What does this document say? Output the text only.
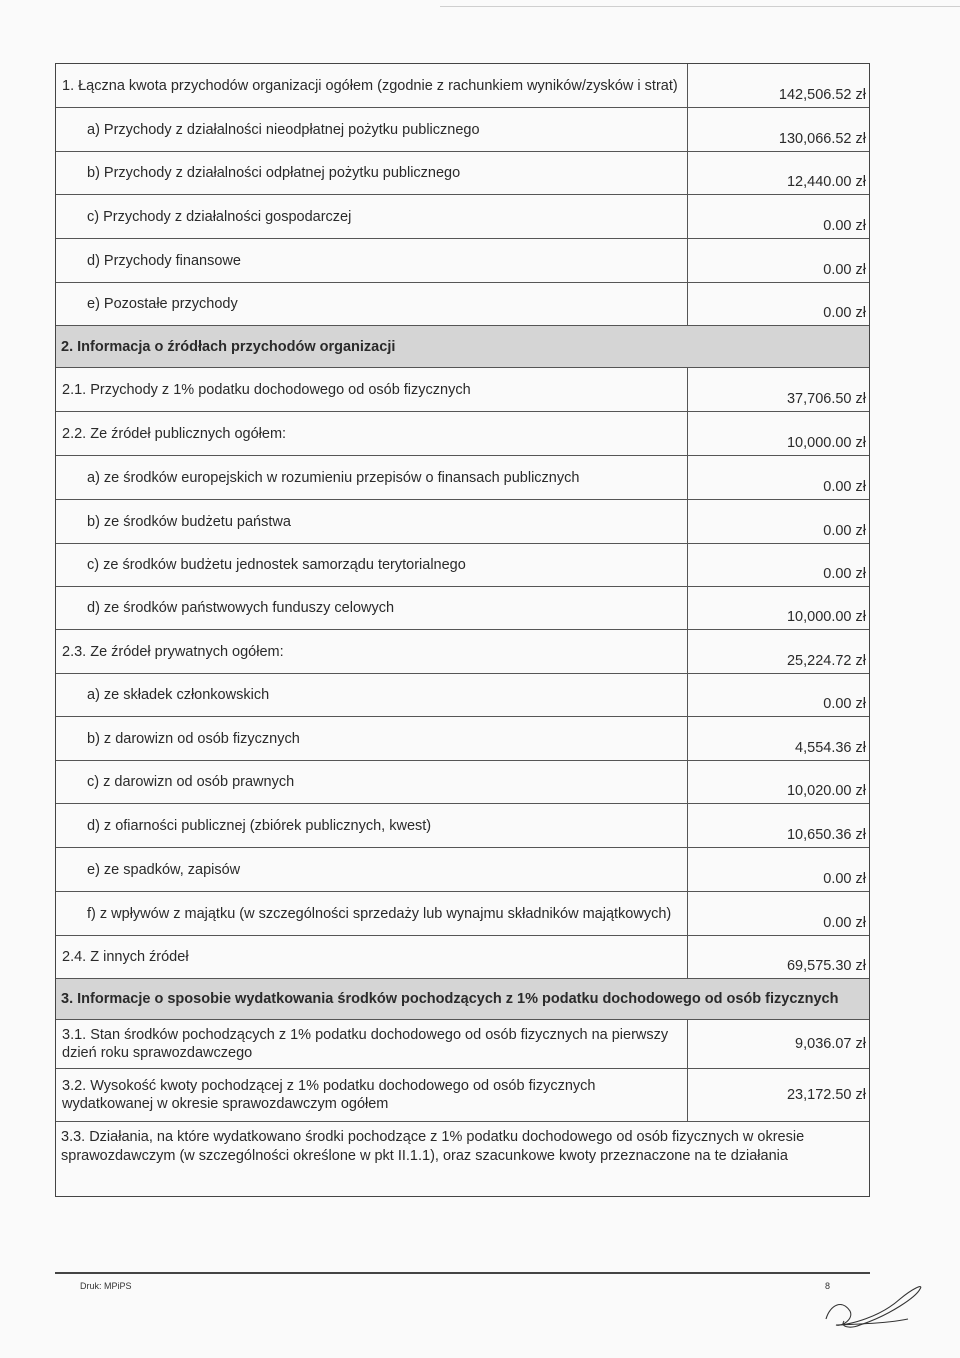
1. Łączna kwota przychodów organizacji ogółem (zgodnie z rachunkiem wyników/zysków i strat)
142,506.52 zł
a) Przychody z działalności nieodpłatnej pożytku publicznego
130,066.52 zł
b) Przychody z działalności odpłatnej pożytku publicznego
12,440.00 zł
c) Przychody z działalności gospodarczej
0.00 zł
d) Przychody finansowe
0.00 zł
e) Pozostałe przychody
0.00 zł
2. Informacja o źródłach przychodów organizacji
2.1. Przychody z 1% podatku dochodowego od osób fizycznych
37,706.50 zł
2.2. Ze źródeł publicznych ogółem:
10,000.00 zł
a) ze środków europejskich w rozumieniu przepisów o finansach publicznych
0.00 zł
b) ze środków budżetu państwa
0.00 zł
c) ze środków budżetu jednostek samorządu terytorialnego
0.00 zł
d) ze środków państwowych funduszy celowych
10,000.00 zł
2.3. Ze źródeł prywatnych ogółem:
25,224.72 zł
a) ze składek członkowskich
0.00 zł
b) z darowizn od osób fizycznych
4,554.36 zł
c) z darowizn od osób prawnych
10,020.00 zł
d) z ofiarności publicznej (zbiórek publicznych, kwest)
10,650.36 zł
e) ze spadków, zapisów
0.00 zł
f) z wpływów z majątku (w szczególności sprzedaży lub wynajmu składników majątkowych)
0.00 zł
2.4. Z innych źródeł
69,575.30 zł
3. Informacje o sposobie wydatkowania środków pochodzących z 1% podatku dochodowego od osób fizycznych
3.1. Stan środków pochodzących z 1% podatku dochodowego od osób fizycznych na pierwszy dzień roku sprawozdawczego
9,036.07 zł
3.2. Wysokość kwoty pochodzącej z 1% podatku dochodowego od osób fizycznych wydatkowanej w okresie sprawozdawczym ogółem
23,172.50 zł
3.3. Działania, na które wydatkowano środki pochodzące z 1% podatku dochodowego od osób fizycznych w okresie sprawozdawczym (w szczególności określone w pkt II.1.1), oraz szacunkowe kwoty przeznaczone na te działania
Druk: MPiPS	8
